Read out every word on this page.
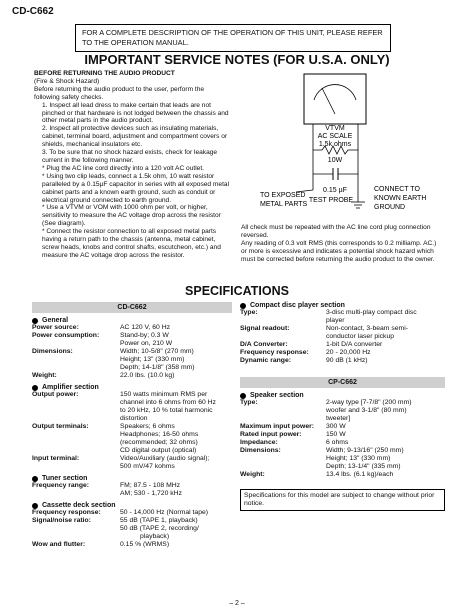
CD-C662
FOR A COMPLETE DESCRIPTION OF THE OPERATION OF THIS UNIT, PLEASE REFER TO THE OPERATION MANUAL.
IMPORTANT SERVICE NOTES (FOR U.S.A. ONLY)

BEFORE RETURNING THE AUDIO PRODUCT

(Fire & Shock Hazard)

Before returning the audio product to the user, perform the following safety checks.

1. Inspect all lead dress to make certain that leads are not pinched or that hardware is not lodged between the chassis and other metal parts in the audio product.

2. Inspect all protective devices such as insulating materials, cabinet, terminal board, adjustment and compartment covers or shields, mechanical insulators etc.

3. To be sure that no shock hazard exists, check for leakage current in the following manner.

* Plug the AC line cord directly into a 120 volt AC outlet.

* Using two clip leads, connect a 1.5k ohm, 10 watt resistor paralleled by a 0.15µF capacitor in series with all exposed metal cabinet parts and a known earth ground, such as conduit or electrical ground connected to earth ground.

* Use a VTVM or VOM with 1000 ohm per volt, or higher, sensitivity to measure the AC voltage drop across the resistor (See diagram).

* Connect the resistor connection to all exposed metal parts having a return path to the chassis (antenna, metal cabinet, screw heads, knobs and control shafts, escutcheon, etc.) and measure the AC voltage drop across the resistor.

VTVM
AC SCALE
1.5k ohms
10W
0.15 µF
TEST PROBE
TO EXPOSED
METAL PARTS
CONNECT TO
KNOWN EARTH
GROUND
All check must be repeated with the AC line cord plug connection reversed.
Any reading of 0.3 volt RMS (this corresponds to 0.2 milliamp. AC.) or more is excessive and indicates a potential shock hazard which must be corrected before returning the audio product to the owner.
SPECIFICATIONS
CD-C662
General
Power source:	AC 120 V, 60 Hz
Power consumption:	Stand-by; 0.3 W
	Power on, 210 W
Dimensions:	Width; 10-5/8" (270 mm)
	Height; 13" (330 mm)
	Depth; 14-1/8" (358 mm)
Weight:	22.0 lbs. (10.0 kg)
Amplifier section
Output power:	150 watts minimum RMS per
	channel into 6 ohms from 60 Hz
	to 20 kHz, 10 % total harmonic
	distortion
Output terminals:	Speakers; 6 ohms
	Headphones; 16-50 ohms
	(recommended; 32 ohms)
	CD digital output (optical)
Input terminal:	Video/Auxiliary (audio signal);
	500 mV/47 kohms
Tuner section
Frequency range:	FM; 87.5 - 108 MHz
	AM; 530 - 1,720 kHz
Cassette deck section
Frequency response:	50 - 14,000 Hz (Normal tape)
Signal/noise ratio:	55 dB (TAPE 1, playback)
	50 dB (TAPE 2, recording/
	playback)
Wow and flutter:	0.15 % (WRMS)
Compact disc player section
Type:	3-disc multi-play compact disc
	player
Signal readout:	Non-contact, 3-beam semi-
	conductor laser pickup
D/A Converter:	1-bit D/A converter
Frequency response:	20 - 20,000 Hz
Dynamic range:	90 dB (1 kHz)
CP-C662
Speaker section
Type:	2-way type [7-7/8" (200 mm)
	woofer and 3-1/8" (80 mm)
	tweeter]
Maximum input power:	300 W
Rated input power:	150 W
Impedance:	6 ohms
Dimensions:	Width; 9-13/16" (250 mm)
	Height; 13" (330 mm)
	Depth; 13-1/4" (335 mm)
Weight:	13.4 lbs. (6.1 kg)/each
Specifications for this model are subject to change without prior notice.
– 2 –
